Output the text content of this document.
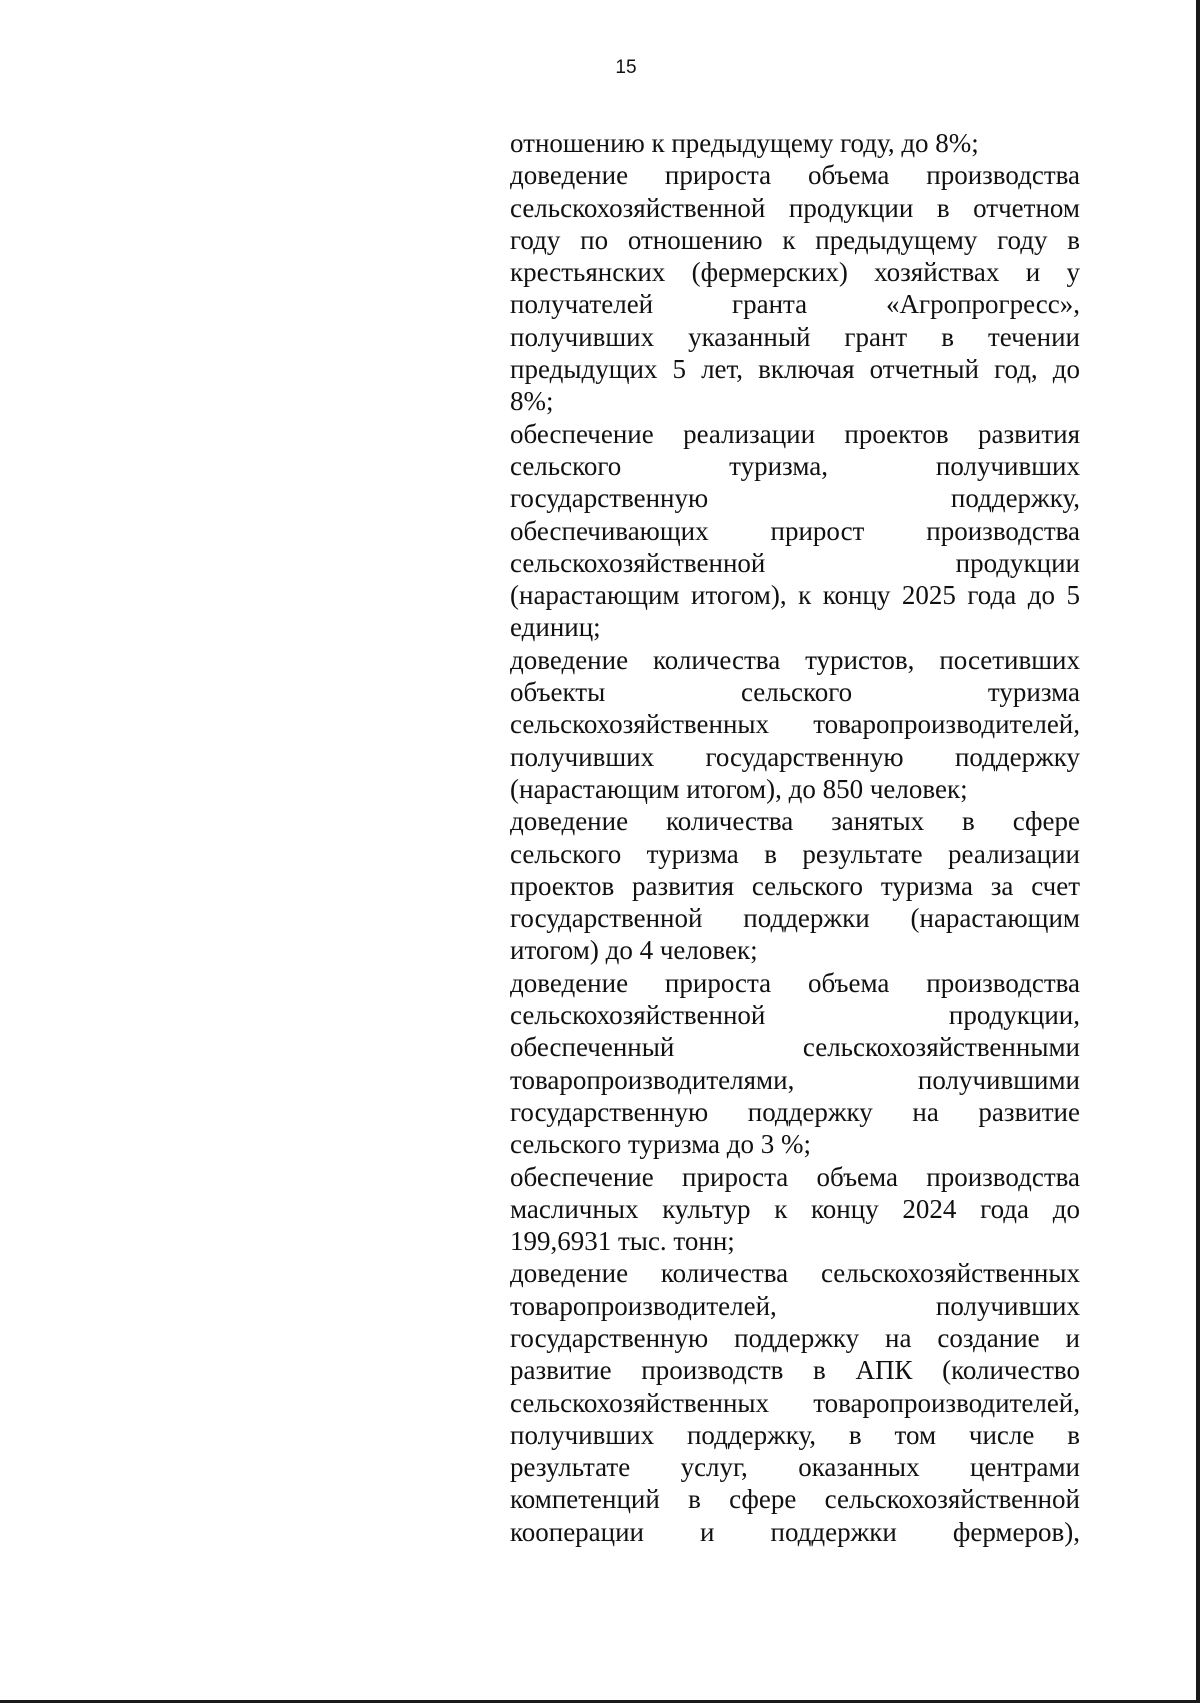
15
отношению к предыдущему году, до 8%;
доведение прироста объема производства
сельскохозяйственной продукции в отчетном
году по отношению к предыдущему году в
крестьянских (фермерских) хозяйствах и у
получателей гранта «Агропрогресс»,
получивших указанный грант в течении
предыдущих 5 лет, включая отчетный год, до
8%;
обеспечение реализации проектов развития
сельского туризма, получивших
государственную поддержку,
обеспечивающих прирост производства
сельскохозяйственной продукции
(нарастающим итогом), к концу 2025 года до 5
единиц;
доведение количества туристов, посетивших
объекты сельского туризма
сельскохозяйственных товаропроизводителей,
получивших государственную поддержку
(нарастающим итогом), до 850 человек;
доведение количества занятых в сфере
сельского туризма в результате реализации
проектов развития сельского туризма за счет
государственной поддержки (нарастающим
итогом) до 4 человек;
доведение прироста объема производства
сельскохозяйственной продукции,
обеспеченный сельскохозяйственными
товаропроизводителями, получившими
государственную поддержку на развитие
сельского туризма до 3 %;
обеспечение прироста объема производства
масличных культур к концу 2024 года до
199,6931 тыс. тонн;
доведение количества сельскохозяйственных
товаропроизводителей, получивших
государственную поддержку на создание и
развитие производств в АПК (количество
сельскохозяйственных товаропроизводителей,
получивших поддержку, в том числе в
результате услуг, оказанных центрами
компетенций в сфере сельскохозяйственной
кооперации и поддержки фермеров),
